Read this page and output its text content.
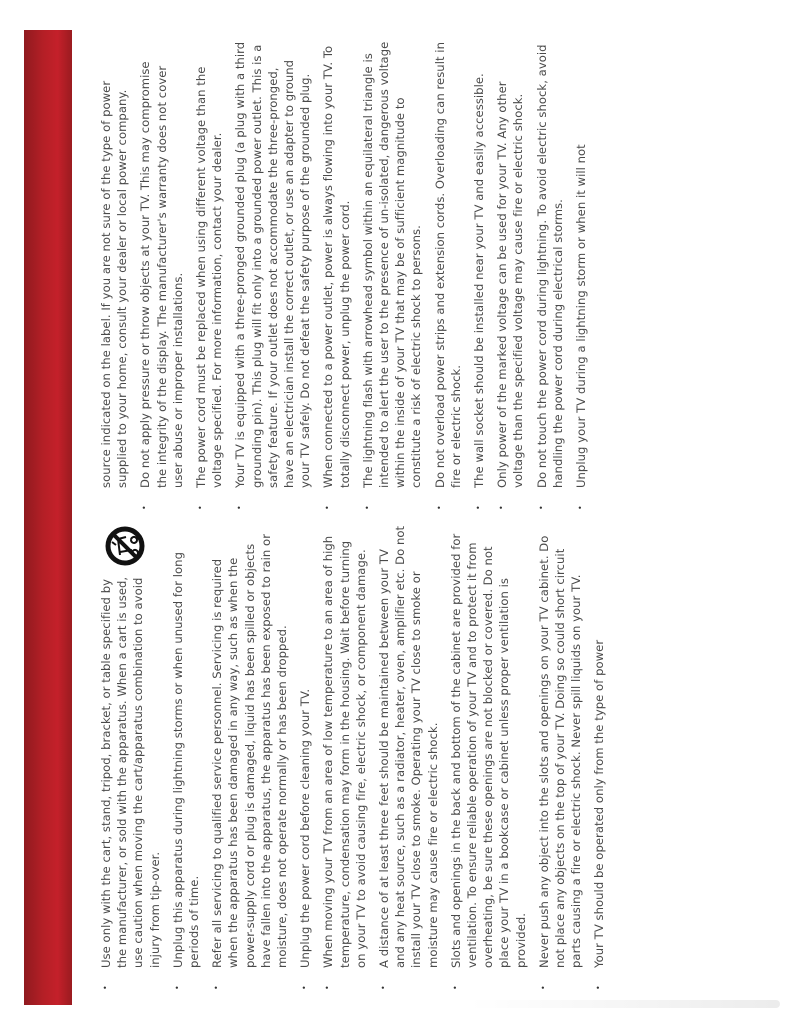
• Use only with the cart, stand, tripod, bracket, or table specified by the manufacturer, or sold with the apparatus. When a cart is used, use caution when moving the cart/apparatus combination to avoid injury from tip-over. • Unplug this apparatus during lightning storms or when unused for long periods of time. • Refer all servicing to qualified service personnel. Servicing is required when the apparatus has been damaged in any way, such as when the power-supply cord or plug is damaged, liquid has been spilled or objects have fallen into the apparatus, the apparatus has been exposed to rain or moisture, does not operate normally or has been dropped. • Unplug the power cord before cleaning your TV. • When moving your TV from an area of low temperature to an area of high temperature, condensation may form in the housing. Wait before turning on your TV to avoid causing fire, electric shock, or component damage. • A distance of at least three feet should be maintained between your TV and any heat source, such as a radiator, heater, oven, amplifier etc. Do not install your TV close to smoke. Operating your TV close to smoke or moisture may cause fire or electric shock. • Slots and openings in the back and bottom of the cabinet are provided for ventilation. To ensure reliable operation of your TV and to protect it from overheating, be sure these openings are not blocked or covered. Do not place your TV in a bookcase or cabinet unless proper ventilation is provided. • Never push any object into the slots and openings on your TV cabinet. Do not place any objects on the top of your TV. Doing so could short circuit parts causing a fire or electric shock. Never spill liquids on your TV. • Your TV should be operated only from the type of power
source indicated on the label. If you are not sure of the type of power supplied to your home, consult your dealer or local power company. • Do not apply pressure or throw objects at your TV. This may compromise the integrity of the display. The manufacturer's warranty does not cover user abuse or improper installations. • The power cord must be replaced when using different voltage than the voltage specified. For more information, contact your dealer. • Your TV is equipped with a three-pronged grounded plug (a plug with a third grounding pin). This plug will fit only into a grounded power outlet. This is a safety feature. If your outlet does not accommodate the three-pronged, have an electrician install the correct outlet, or use an adapter to ground your TV safely. Do not defeat the safety purpose of the grounded plug. • When connected to a power outlet, power is always flowing into your TV. To totally disconnect power, unplug the power cord. • The lightning flash with arrowhead symbol within an equilateral triangle is intended to alert the user to the presence of un-isolated, dangerous voltage within the inside of your TV that may be of sufficient magnitude to constitute a risk of electric shock to persons. • Do not overload power strips and extension cords. Overloading can result in fire or electric shock. • The wall socket should be installed near your TV and easily accessible. • Only power of the marked voltage can be used for your TV. Any other voltage than the specified voltage may cause fire or electric shock. • Do not touch the power cord during lightning. To avoid electric shock, avoid handling the power cord during electrical storms. • Unplug your TV during a lightning storm or when it will not
